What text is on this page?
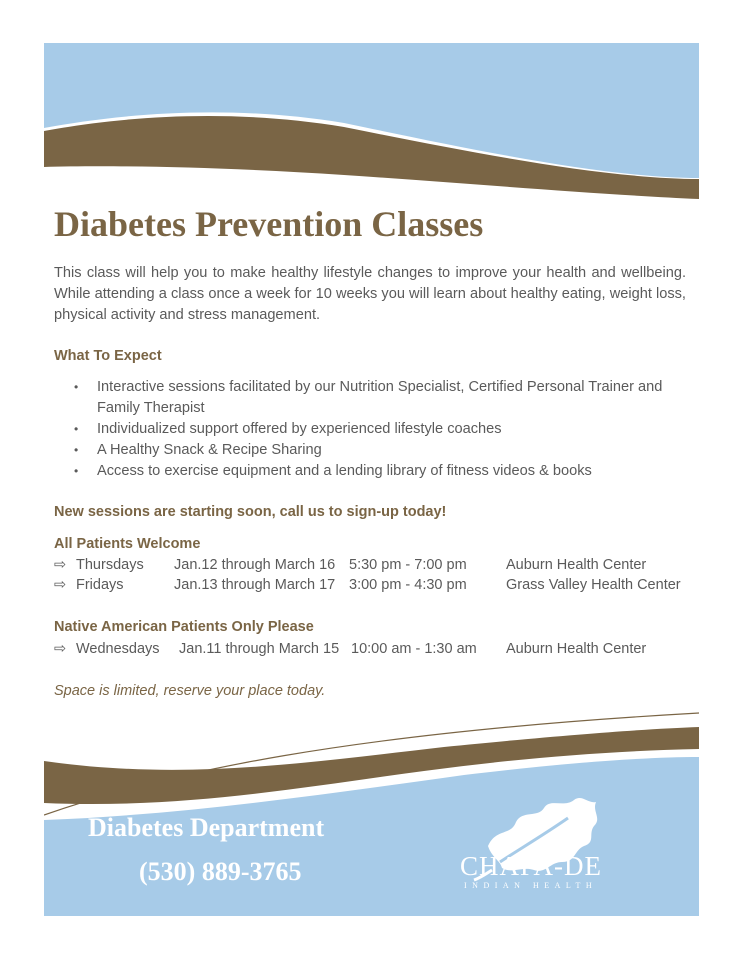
Diabetes Prevention Classes

This class will help you to make healthy lifestyle changes to improve your health and wellbeing. While attending a class once a week for 10 weeks you will learn about healthy eating, weight loss, physical activity and stress management.

What To Expect

• Interactive sessions facilitated by our Nutrition Specialist, Certified Personal Trainer and Family Therapist
• Individualized support offered by experienced lifestyle coaches
• A Healthy Snack & Recipe Sharing
• Access to exercise equipment and a lending library of fitness videos & books

New sessions are starting soon, call us to sign-up today!

All Patients Welcome

⇨ Thursdays Jan.12 through March 16 5:30 pm - 7:00 pm	Auburn Health Center
⇨ Fridays	Jan.13 through March 17 3:00 pm - 4:30 pm	Grass Valley Health Center

Native American Patients Only Please

⇨ Wednesdays Jan.11 through March 15 10:00 am - 1:30 am Auburn Health Center

Space is limited, reserve your place today.

Diabetes Department

(530) 889-3765	CHAPA-DE
INDIAN HEALTH
